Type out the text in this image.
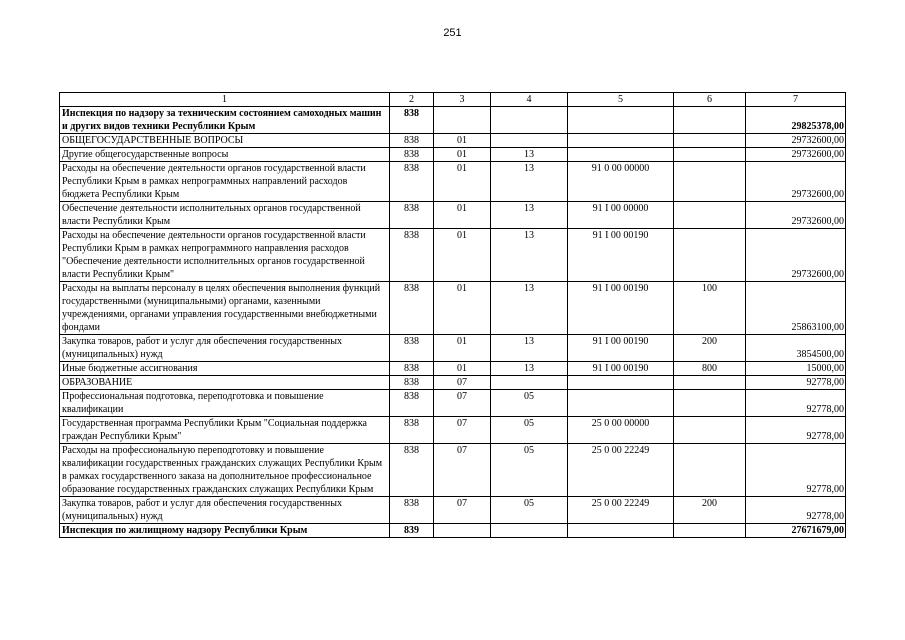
251
1	2	3	4	5	6	7
Инспекция по надзору за техническим состоянием самоходных машин и других видов техники Республики Крым	838					29825378,00
ОБЩЕГОСУДАРСТВЕННЫЕ ВОПРОСЫ	838	01				29732600,00
Другие общегосударственные вопросы	838	01	13			29732600,00
Расходы на обеспечение деятельности органов государственной власти Республики Крым в рамках непрограммных направлений расходов бюджета Республики Крым	838	01	13	91 0 00 00000		29732600,00
Обеспечение деятельности исполнительных органов государственной власти Республики Крым	838	01	13	91 I 00 00000		29732600,00
Расходы на обеспечение деятельности органов государственной власти Республики Крым в рамках непрограммного направления расходов "Обеспечение деятельности исполнительных органов государственной власти Республики Крым"	838	01	13	91 I 00 00190		29732600,00
Расходы на выплаты персоналу в целях обеспечения выполнения функций государственными (муниципальными) органами, казенными учреждениями, органами управления государственными внебюджетными фондами	838	01	13	91 I 00 00190	100	25863100,00
Закупка товаров, работ и услуг для обеспечения государственных (муниципальных) нужд	838	01	13	91 I 00 00190	200	3854500,00
Иные бюджетные ассигнования	838	01	13	91 I 00 00190	800	15000,00
ОБРАЗОВАНИЕ	838	07				92778,00
Профессиональная подготовка, переподготовка и повышение квалификации	838	07	05			92778,00
Государственная программа Республики Крым "Социальная поддержка граждан Республики Крым"	838	07	05	25 0 00 00000		92778,00
Расходы на профессиональную переподготовку и повышение квалификации государственных гражданских служащих Республики Крым в рамках государственного заказа на дополнительное профессиональное образование государственных гражданских служащих Республики Крым	838	07	05	25 0 00 22249		92778,00
Закупка товаров, работ и услуг для обеспечения государственных (муниципальных) нужд	838	07	05	25 0 00 22249	200	92778,00
Инспекция по жилищному надзору Республики Крым	839					27671679,00
